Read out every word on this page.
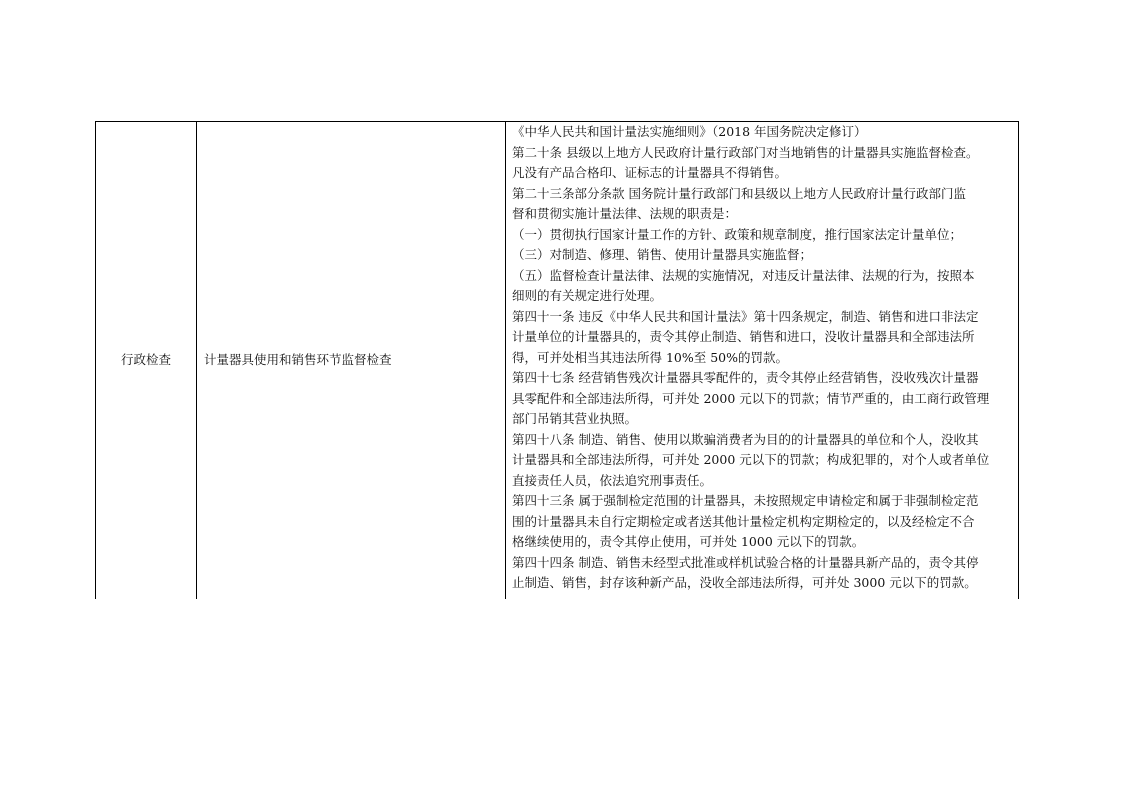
行政检查	计量器具使用和销售环节监督检查
《中华人民共和国计量法实施细则》（2018 年国务院决定修订）
第二十条 县级以上地方人民政府计量行政部门对当地销售的计量器具实施监督检查。
凡没有产品合格印、证标志的计量器具不得销售。
第二十三条部分条款 国务院计量行政部门和县级以上地方人民政府计量行政部门监
督和贯彻实施计量法律、法规的职责是：
（一）贯彻执行国家计量工作的方针、政策和规章制度，推行国家法定计量单位；
（三）对制造、修理、销售、使用计量器具实施监督；
（五）监督检查计量法律、法规的实施情况，对违反计量法律、法规的行为，按照本
细则的有关规定进行处理。
第四十一条 违反《中华人民共和国计量法》第十四条规定，制造、销售和进口非法定
计量单位的计量器具的，责令其停止制造、销售和进口，没收计量器具和全部违法所
得，可并处相当其违法所得 10%至 50%的罚款。
第四十七条 经营销售残次计量器具零配件的，责令其停止经营销售，没收残次计量器
具零配件和全部违法所得，可并处 2000 元以下的罚款；情节严重的，由工商行政管理
部门吊销其营业执照。
第四十八条 制造、销售、使用以欺骗消费者为目的的计量器具的单位和个人，没收其
计量器具和全部违法所得，可并处 2000 元以下的罚款；构成犯罪的，对个人或者单位
直接责任人员，依法追究刑事责任。
第四十三条 属于强制检定范围的计量器具，未按照规定申请检定和属于非强制检定范
围的计量器具未自行定期检定或者送其他计量检定机构定期检定的，以及经检定不合
格继续使用的，责令其停止使用，可并处 1000 元以下的罚款。
第四十四条 制造、销售未经型式批准或样机试验合格的计量器具新产品的，责令其停
止制造、销售，封存该种新产品，没收全部违法所得，可并处 3000 元以下的罚款。
